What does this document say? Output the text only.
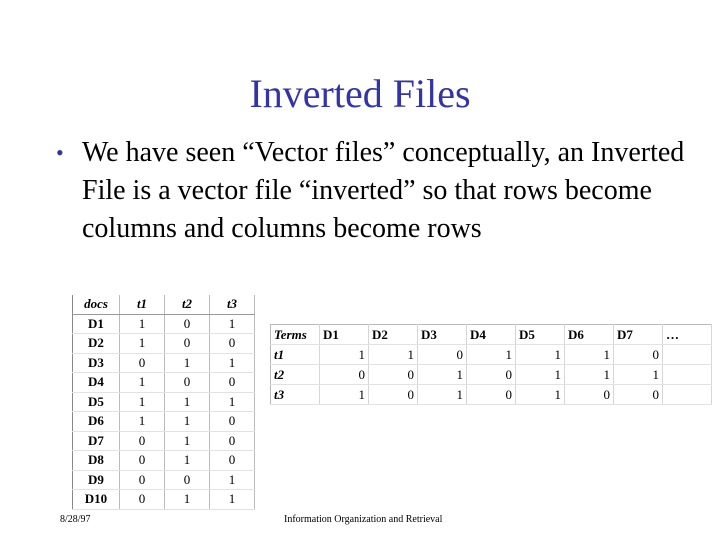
Inverted Files
• We have seen “Vector files” conceptually, an Inverted File is a vector file “inverted” so that rows become columns and columns become rows
docs	t1	t2	t3
D1	1	0	1
D2	1	0	0
D3	0	1	1
D4	1	0	0
D5	1	1	1
D6	1	1	0
D7	0	1	0
D8	0	1	0
D9	0	0	1
D10	0	1	1
Terms	D1	D2	D3	D4	D5	D6	D7	…
t1	1	1	0	1	1	1	0	
t2	0	0	1	0	1	1	1	
t3	1	0	1	0	1	0	0	
8/28/97	Information Organization and Retrieval
